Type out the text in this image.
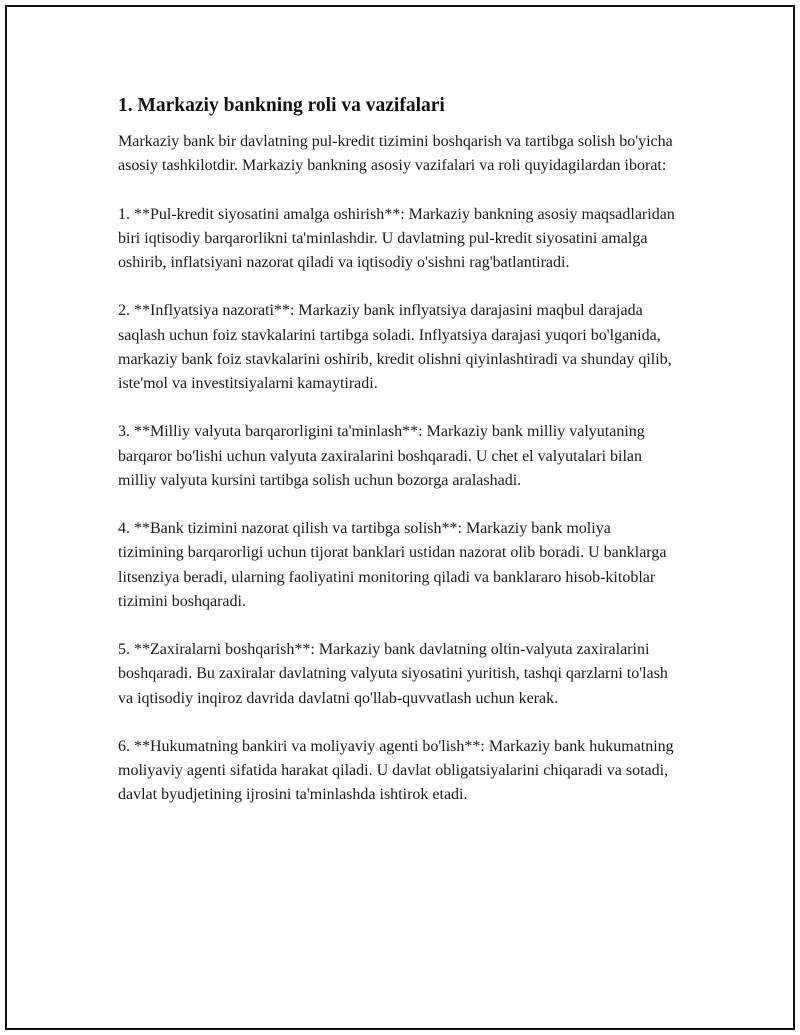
1. Markaziy bankning roli va vazifalari

Markaziy bank bir davlatning pul-kredit tizimini boshqarish va tartibga solish bo'yicha asosiy tashkilotdir. Markaziy bankning asosiy vazifalari va roli quyidagilardan iborat:

1. **Pul-kredit siyosatini amalga oshirish**: Markaziy bankning asosiy maqsadlaridan biri iqtisodiy barqarorlikni ta'minlashdir. U davlatning pul-kredit siyosatini amalga oshirib, inflatsiyani nazorat qiladi va iqtisodiy o'sishni rag'batlantiradi.

2. **Inflyatsiya nazorati**: Markaziy bank inflyatsiya darajasini maqbul darajada saqlash uchun foiz stavkalarini tartibga soladi. Inflyatsiya darajasi yuqori bo'lganida, markaziy bank foiz stavkalarini oshirib, kredit olishni qiyinlashtiradi va shunday qilib, iste'mol va investitsiyalarni kamaytiradi.

3. **Milliy valyuta barqarorligini ta'minlash**: Markaziy bank milliy valyutaning barqaror bo'lishi uchun valyuta zaxiralarini boshqaradi. U chet el valyutalari bilan milliy valyuta kursini tartibga solish uchun bozorga aralashadi.

4. **Bank tizimini nazorat qilish va tartibga solish**: Markaziy bank moliya tizimining barqarorligi uchun tijorat banklari ustidan nazorat olib boradi. U banklarga litsenziya beradi, ularning faoliyatini monitoring qiladi va banklararo hisob-kitoblar tizimini boshqaradi.

5. **Zaxiralarni boshqarish**: Markaziy bank davlatning oltin-valyuta zaxiralarini boshqaradi. Bu zaxiralar davlatning valyuta siyosatini yuritish, tashqi qarzlarni to'lash va iqtisodiy inqiroz davrida davlatni qo'llab-quvvatlash uchun kerak.

6. **Hukumatning bankiri va moliyaviy agenti bo'lish**: Markaziy bank hukumatning moliyaviy agenti sifatida harakat qiladi. U davlat obligatsiyalarini chiqaradi va sotadi, davlat byudjetining ijrosini ta'minlashda ishtirok etadi.
